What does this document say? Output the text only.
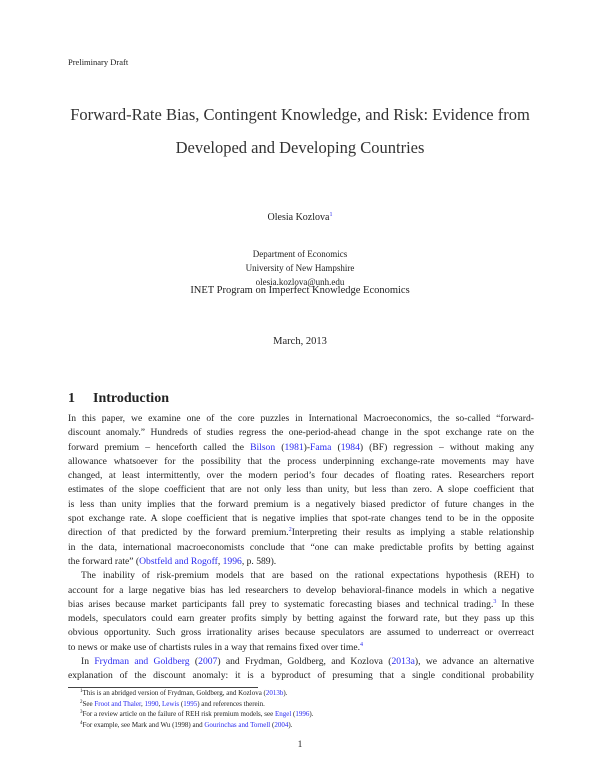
Preliminary Draft
Forward-Rate Bias, Contingent Knowledge, and Risk: Evidence from
Developed and Developing Countries
Olesia Kozlova$^1$
Department of Economics
University of New Hampshire
olesia.kozlova@unh.edu
INET Program on Imperfect Knowledge Economics
March, 2013
1 Introduction
In this paper, we examine one of the core puzzles in International Macroeconomics, the so-called “forward-
discount anomaly.” Hundreds of studies regress the one-period-ahead change in the spot exchange rate on the
forward premium – henceforth called the Bilson (1981)-Fama (1984) (BF) regression – without making any
allowance whatsoever for the possibility that the process underpinning exchange-rate movements may have
changed, at least intermittently, over the modern period’s four decades of floating rates. Researchers report
estimates of the slope coefficient that are not only less than unity, but less than zero. A slope coefficient that
is less than unity implies that the forward premium is a negatively biased predictor of future changes in the
spot exchange rate. A slope coefficient that is negative implies that spot-rate changes tend to be in the opposite
direction of that predicted by the forward premium.$^2$Interpreting their results as implying a stable relationship
in the data, international macroeconomists conclude that “one can make predictable profits by betting against
the forward rate” (Obstfeld and Rogoff, 1996, p. 589).
The inability of risk-premium models that are based on the rational expectations hypothesis (REH) to
account for a large negative bias has led researchers to develop behavioral-finance models in which a negative
bias arises because market participants fall prey to systematic forecasting biases and technical trading.$^3$ In these
models, speculators could earn greater profits simply by betting against the forward rate, but they pass up this
obvious opportunity. Such gross irrationality arises because speculators are assumed to underreact or overreact
to news or make use of chartists rules in a way that remains fixed over time.$^4$
In Frydman and Goldberg (2007) and Frydman, Goldberg, and Kozlova (2013a), we advance an alternative
explanation of the discount anomaly: it is a byproduct of presuming that a single conditional probability
$^1$This is an abridged version of Frydman, Goldberg, and Kozlova (2013b).
$^2$See Froot and Thaler, 1990, Lewis (1995) and references therein.
$^3$For a review article on the failure of REH risk premium models, see Engel (1996).
$^4$For example, see Mark and Wu (1998) and Gourinchas and Tornell (2004).
1
